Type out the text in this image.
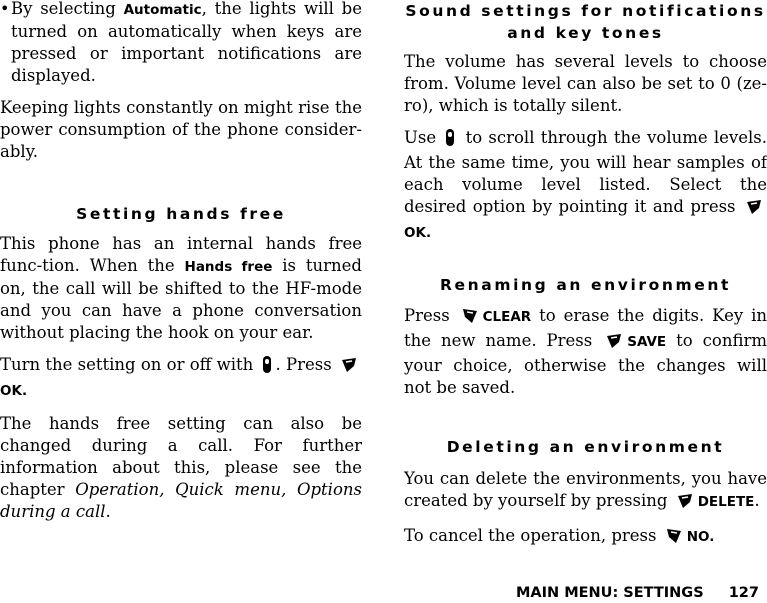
• By selecting Automatic, the lights will be turned on automatically when keys are pressed or important notifications are displayed.

Keeping lights constantly on might rise the power consumption of the phone consider-ably.

Setting hands free

This phone has an internal hands free func-tion. When the Hands free is turned on, the call will be shifted to the HF-mode and you can have a phone conversation without placing the hook on your ear.

Turn the setting on or off with . Press
OK.

The hands free setting can also be changed during a call. For further information about this, please see the chapter Operation, Quick menu, Options during a call.

Sound settings for notifications and key tones

The volume has several levels to choose from. Volume level can also be set to 0 (ze-ro), which is totally silent.

Use  to scroll through the volume levels. At the same time, you will hear samples of each volume level listed. Select the desired option by pointing it and press OK.

Renaming an environment

Press CLEAR to erase the digits. Key in the new name. Press SAVE to confirm your choice, otherwise the changes will not be saved.

Deleting an environment

You can delete the environments, you have created by yourself by pressing DELETE.

To cancel the operation, press NO.

MAIN MENU: SETTINGS 127
